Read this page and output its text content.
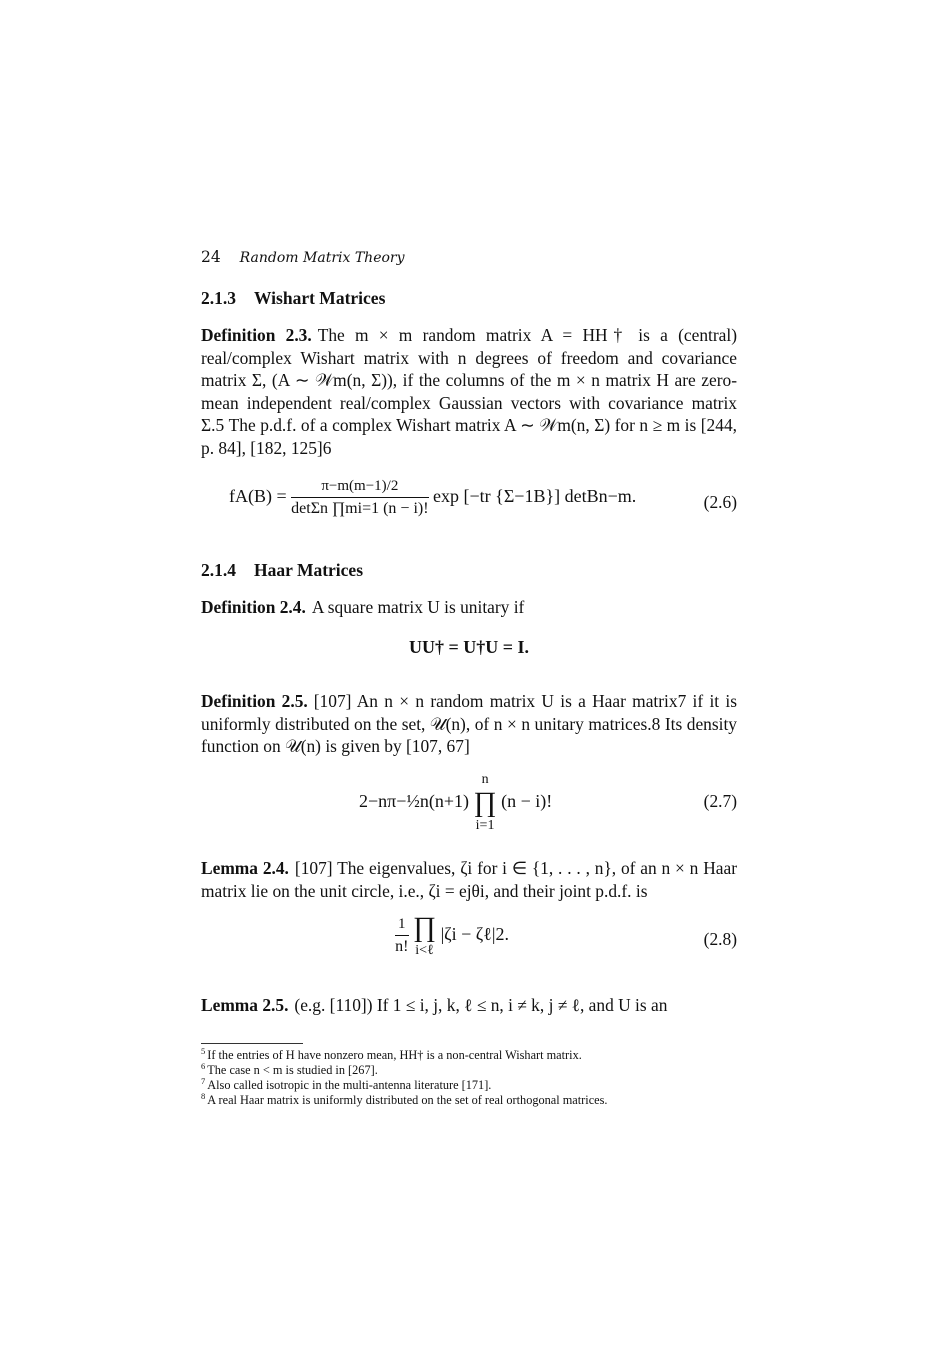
24 Random Matrix Theory
2.1.3 Wishart Matrices
Definition 2.3. The m × m random matrix A = HH† is a (central) real/complex Wishart matrix with n degrees of freedom and covariance matrix Σ, (A ∼ 𝒲m(n, Σ)), if the columns of the m × n matrix H are zero-mean independent real/complex Gaussian vectors with covariance matrix Σ.5 The p.d.f. of a complex Wishart matrix A ∼ 𝒲m(n, Σ) for n ≥ m is [244, p. 84], [182, 125]6
$fA(B) = \frac{\pi-m(m-1)/2}{\det\Sigma n \prod mi=1 (n - i)!}$ exp [−tr {Σ−1B}] detBn−m.	(2.6)
2.1.4 Haar Matrices
Definition 2.4. A square matrix U is unitary if
UU† = U†U = I.
Definition 2.5. [107] An n × n random matrix U is a Haar matrix7 if it is uniformly distributed on the set, 𝒰(n), of n × n unitary matrices.8 Its density function on 𝒰(n) is given by [107, 67]
2−nπ−½n(n+1) n
∏
i=1 (n − i)!	(2.7)
Lemma 2.4. [107] The eigenvalues, ζi for i ∈ {1, . . . , n}, of an n × n Haar matrix lie on the unit circle, i.e., ζi = ejθi, and their joint p.d.f. is
$\frac{1}{n!}$
∏
i<ℓ |ζi − ζℓ|2.	(2.8)
Lemma 2.5. (e.g. [110]) If 1 ≤ i, j, k, ℓ ≤ n, i ≠ k, j ≠ ℓ, and U is an
$^5$ If the entries of H have nonzero mean, HH† is a non-central Wishart matrix.
$^6$ The case n < m is studied in [267].
$^7$ Also called isotropic in the multi-antenna literature [171].
$^8$ A real Haar matrix is uniformly distributed on the set of real orthogonal matrices.
